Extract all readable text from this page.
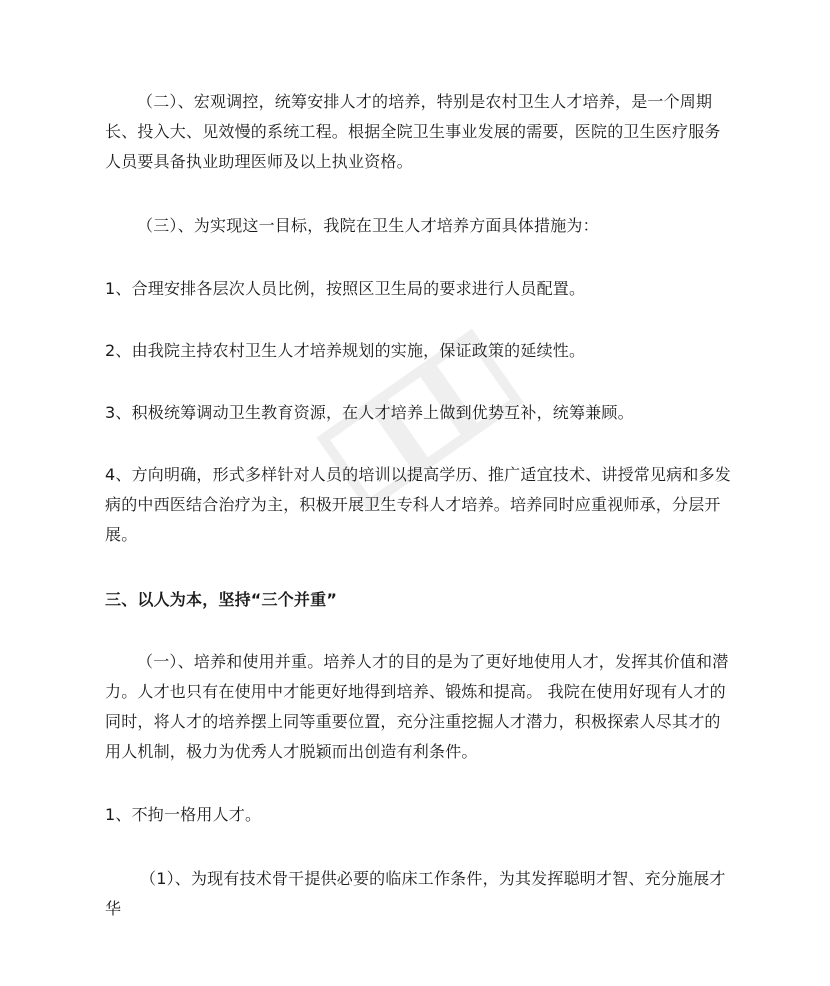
（二）、宏观调控，统筹安排人才的培养，特别是农村卫生人才培养，是一个周期长、投入大、见效慢的系统工程。根据全院卫生事业发展的需要，医院的卫生医疗服务人员要具备执业助理医师及以上执业资格。

（三）、为实现这一目标，我院在卫生人才培养方面具体措施为：

1、合理安排各层次人员比例，按照区卫生局的要求进行人员配置。

2、由我院主持农村卫生人才培养规划的实施，保证政策的延续性。

3、积极统筹调动卫生教育资源，在人才培养上做到优势互补，统筹兼顾。

4、方向明确，形式多样针对人员的培训以提高学历、推广适宜技术、讲授常见病和多发病的中西医结合治疗为主，积极开展卫生专科人才培养。培养同时应重视师承，分层开展。

三、以人为本，坚持“三个并重”

（一）、培养和使用并重。培养人才的目的是为了更好地使用人才，发挥其价值和潜力。人才也只有在使用中才能更好地得到培养、锻炼和提高。 我院在使用好现有人才的同时，将人才的培养摆上同等重要位置，充分注重挖掘人才潜力，积极探索人尽其才的用人机制，极力为优秀人才脱颖而出创造有利条件。

1、不拘一格用人才。

（1）、为现有技术骨干提供必要的临床工作条件，为其发挥聪明才智、充分施展才华
